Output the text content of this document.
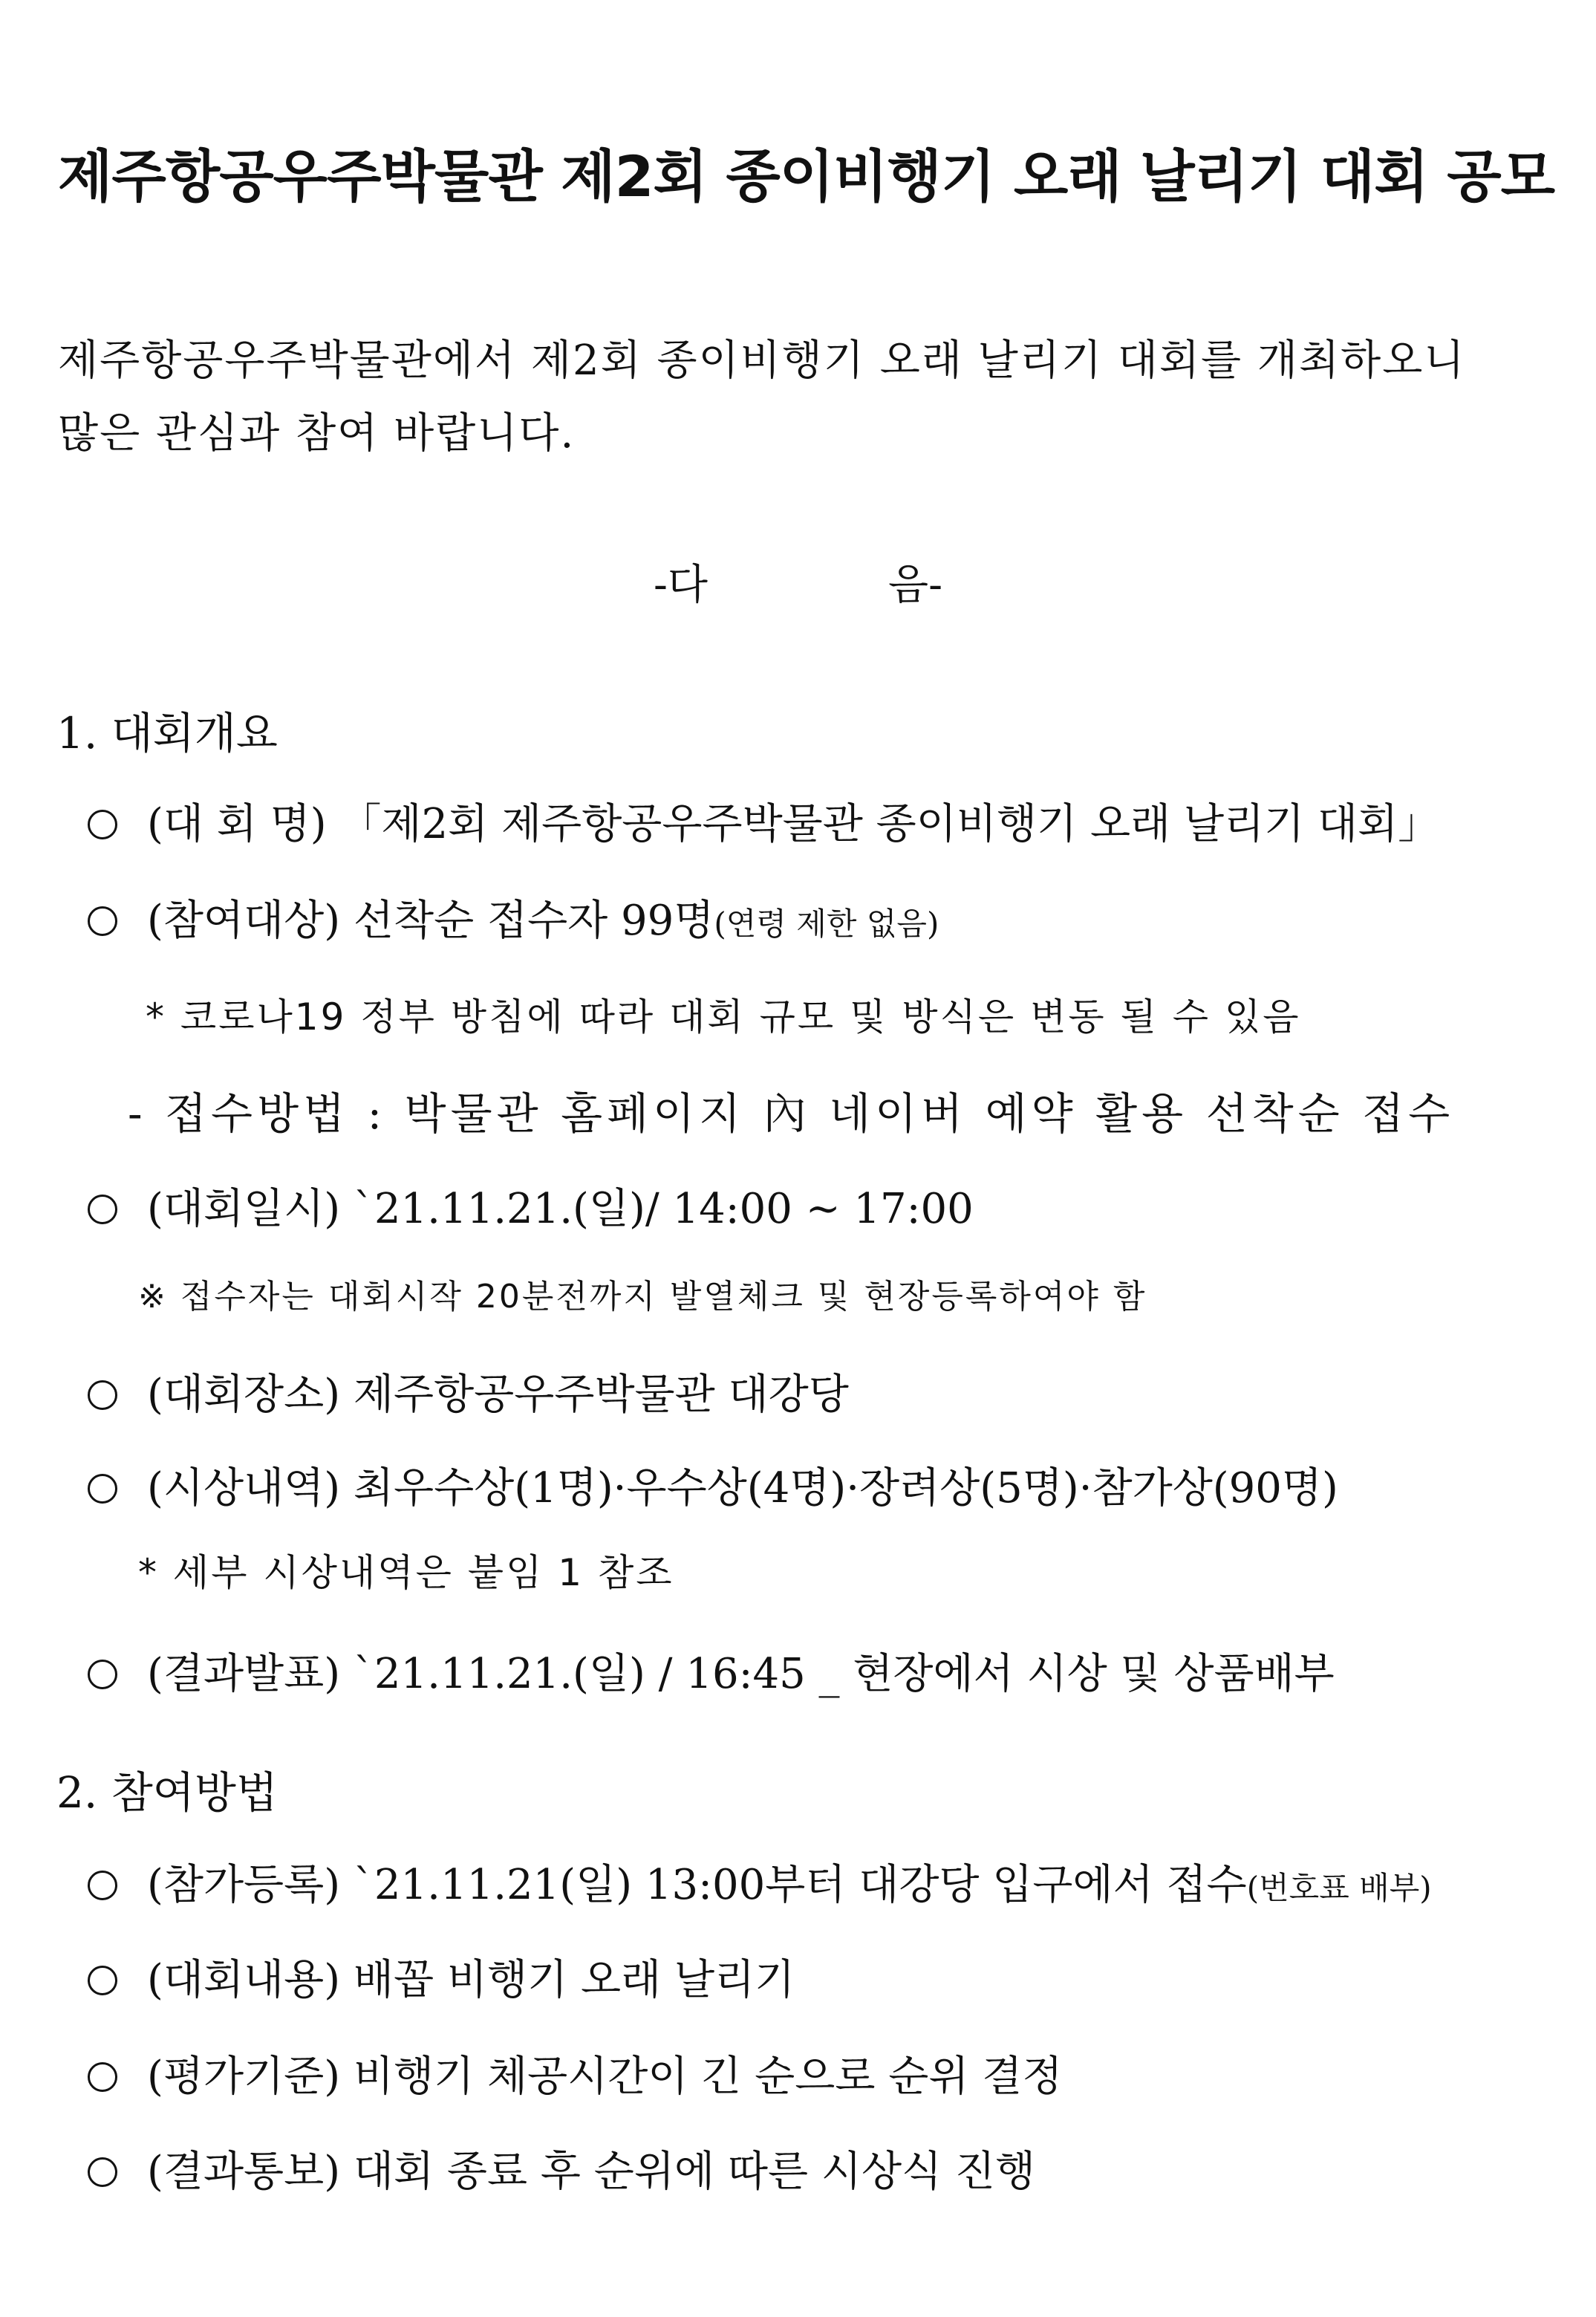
제주항공우주박물관 제2회 종이비행기 오래 날리기 대회 공모
제주항공우주박물관에서 제2회 종이비행기 오래 날리기 대회를 개최하오니
많은 관심과 참여 바랍니다.
-다	음-
1. 대회개요
(대 회 명) 「제2회 제주항공우주박물관 종이비행기 오래 날리기 대회」
(참여대상) 선착순 접수자 99명(연령 제한 없음)
* 코로나19 정부 방침에 따라 대회 규모 및 방식은 변동 될 수 있음
- 접수방법 : 박물관 홈페이지 內 네이버 예약 활용 선착순 접수
(대회일시) `21.11.21.(일)/ 14:00 ~ 17:00
※ 접수자는 대회시작 20분전까지 발열체크 및 현장등록하여야 함
(대회장소) 제주항공우주박물관 대강당
(시상내역) 최우수상(1명)·우수상(4명)·장려상(5명)·참가상(90명)
* 세부 시상내역은 붙임 1 참조
(결과발표) `21.11.21.(일) / 16:45 _ 현장에서 시상 및 상품배부
2. 참여방법
(참가등록) `21.11.21(일) 13:00부터 대강당 입구에서 접수(번호표 배부)
(대회내용) 배꼽 비행기 오래 날리기
(평가기준) 비행기 체공시간이 긴 순으로 순위 결정
(결과통보) 대회 종료 후 순위에 따른 시상식 진행
